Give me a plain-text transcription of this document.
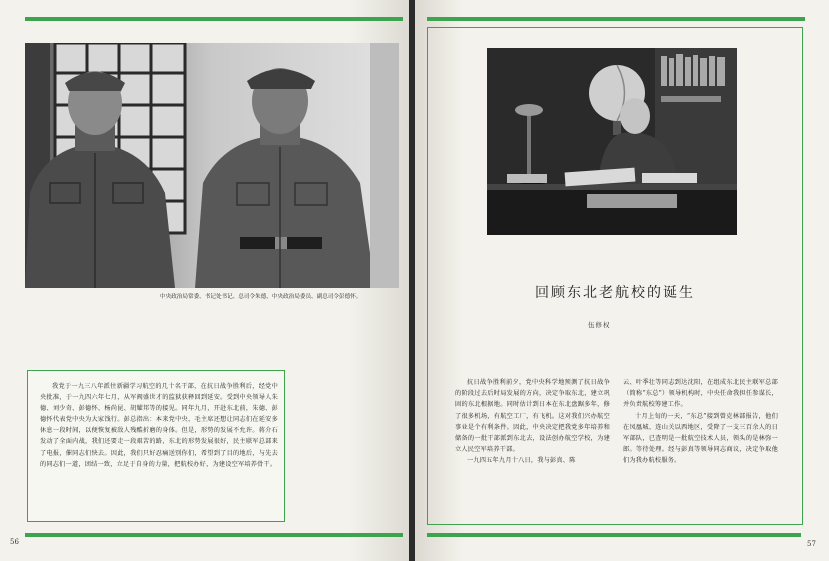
中央政治局常委、书记处书记、总司令朱德，中央政治局委员、副总司令彭德怀。
我党于一九三八年派往新疆学习航空的几十名干部，在抗日战争胜利后，经党中央批准，于一九四六年七月，从军阀盛世才的监狱获释回到延安。受到中央领导人朱德、刘少奇、彭德怀、杨尚昆、胡耀邦等的接见。同年九月，开赴东北前，朱德、彭德怀代表党中央为大家饯行。彭总指出：本来党中央、毛主席还想让同志们在延安多休息一段时间，以便恢复被敌人残酷折磨的身体。但是，形势的发展不允许。蒋介石发动了全面内战，我们还要走一段艰苦的路，东北的形势发展很好，民主联军总部来了电报，催同志们快去。因此，我们只好忍痛送别你们，希望到了目的地后，与先去的同志们一道，团结一致，立足于自身的力量，把航校办好，为建设空军培养骨干。
56
回顾东北老航校的诞生
伍修权

抗日战争胜利前夕，党中央科学地预测了抗日战争的阶段过去后时局发展的方向，决定争取东北，建立巩固的东北根据地。同时估计到日本在东北盘踞多年，修了很多机场，有航空工厂，有飞机。这对我们兴办航空事业是个有利条件。因此，中央决定把我党多年培养和储备的一批干部派到东北去，设法创办航空学校，为建立人民空军培养干部。

一九四五年九月十八日，我与彭真、陈

云、叶季壮等同志到达沈阳，在组成东北民主联军总部（简称“东总”）领导机构时，中央任命我担任参谋长，并负责航校筹建工作。

十月上旬的一天，“东总”接到曾克林部报告，他们在凤凰城、连山关以西地区，受降了一支三百余人的日军部队，已查明是一批航空技术人员，领头的是林弥一郎。等待处理。经与彭真等领导同志商议，决定争取他们为我办航校服务。

57
